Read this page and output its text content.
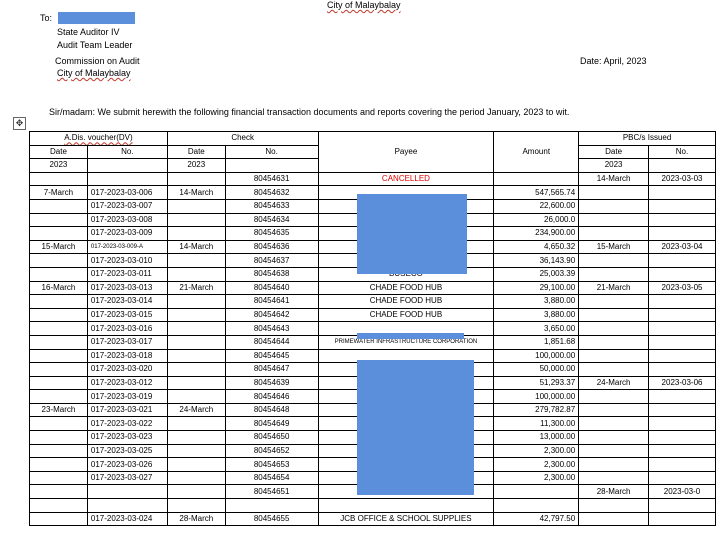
City of Malaybalay
To:
State Auditor IV
Audit Team Leader
Commission on Audit
City of Malaybalay
Date: April, 2023
Sir/madam: We submit herewith the following financial transaction documents and reports covering the period January, 2023 to wit.
✥
A.Dis. voucher(DV)		Check		Payee	Amount	PBC/s Issued	
Date	No.	Date	No.			Date	No.
2023		2023				2023	
			80454631	CANCELLED		14-March	2023-03-03
7-March	017-2023-03-006	14-March	80454632		547,565.74		
	017-2023-03-007		80454633		22,600.00		
	017-2023-03-008		80454634		26,000.0		
	017-2023-03-009		80454635		234,900.00		
15-March	017-2023-03-009-A	14-March	80454636		4,650.32	15-March	2023-03-04
	017-2023-03-010		80454637		36,143.90		
	017-2023-03-011		80454638		25,003.39		
16-March	017-2023-03-013	21-March	80454640	CHADE FOOD HUB	29,100.00	21-March	2023-03-05
	017-2023-03-014		80454641	CHADE FOOD HUB	3,880.00		
	017-2023-03-015		80454642	CHADE FOOD HUB	3,880.00		
	017-2023-03-016		80454643		3,650.00		
	017-2023-03-017		80454644	PRIMEWATER INFRASTRUCTURE CORPORATION	1,851.68		
	017-2023-03-018		80454645		100,000.00		
	017-2023-03-020		80454647		50,000.00		
	017-2023-03-012		80454639		51,293.37	24-March	2023-03-06
	017-2023-03-019		80454646		100,000.00		
23-March	017-2023-03-021	24-March	80454648		279,782.87		
	017-2023-03-022		80454649		11,300.00		
	017-2023-03-023		80454650		13,000.00		
	017-2023-03-025		80454652		2,300.00		
	017-2023-03-026		80454653		2,300.00		
	017-2023-03-027		80454654		2,300.00		
			80454651			28-March	2023-03-0

	017-2023-03-024	28-March	80454655	JCB OFFICE & SCHOOL SUPPLIES	42,797.50		
